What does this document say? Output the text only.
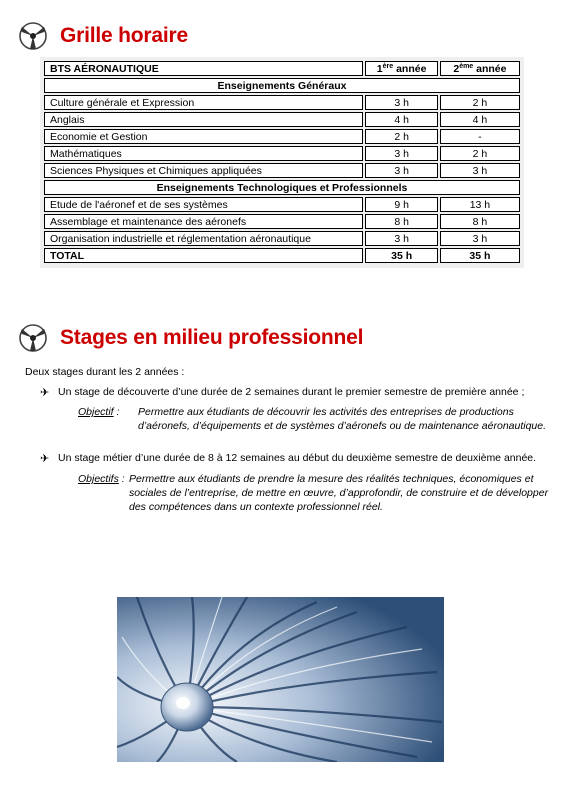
Grille horaire
BTS AÉRONAUTIQUE	1ère année	2ème année
Enseignements Généraux		
Culture générale et Expression	3 h	2 h
Anglais	4 h	4 h
Economie et Gestion	2 h	-
Mathématiques	3 h	2 h
Sciences Physiques et Chimiques appliquées	3 h	3 h
Enseignements Technologiques et Professionnels		
Etude de l'aéronef et de ses systèmes	9 h	13 h
Assemblage et maintenance des aéronefs	8 h	8 h
Organisation industrielle et réglementation aéronautique	3 h	3 h
TOTAL	35 h	35 h
Stages en milieu professionnel
Deux stages durant les 2 années :
✈ Un stage de découverte d’une durée de 2 semaines durant le premier semestre de première année ;
Objectif : Permettre aux étudiants de découvrir les activités des entreprises de productions
d’aéronefs, d’équipements et de systèmes d’aéronefs ou de maintenance aéronautique.
✈ Un stage métier d’une durée de 8 à 12 semaines au début du deuxième semestre de deuxième année.
Objectifs : Permettre aux étudiants de prendre la mesure des réalités techniques, économiques et
sociales de l’entreprise, de mettre en œuvre, d’approfondir, de construire et de développer
des compétences dans un contexte professionnel réel.
